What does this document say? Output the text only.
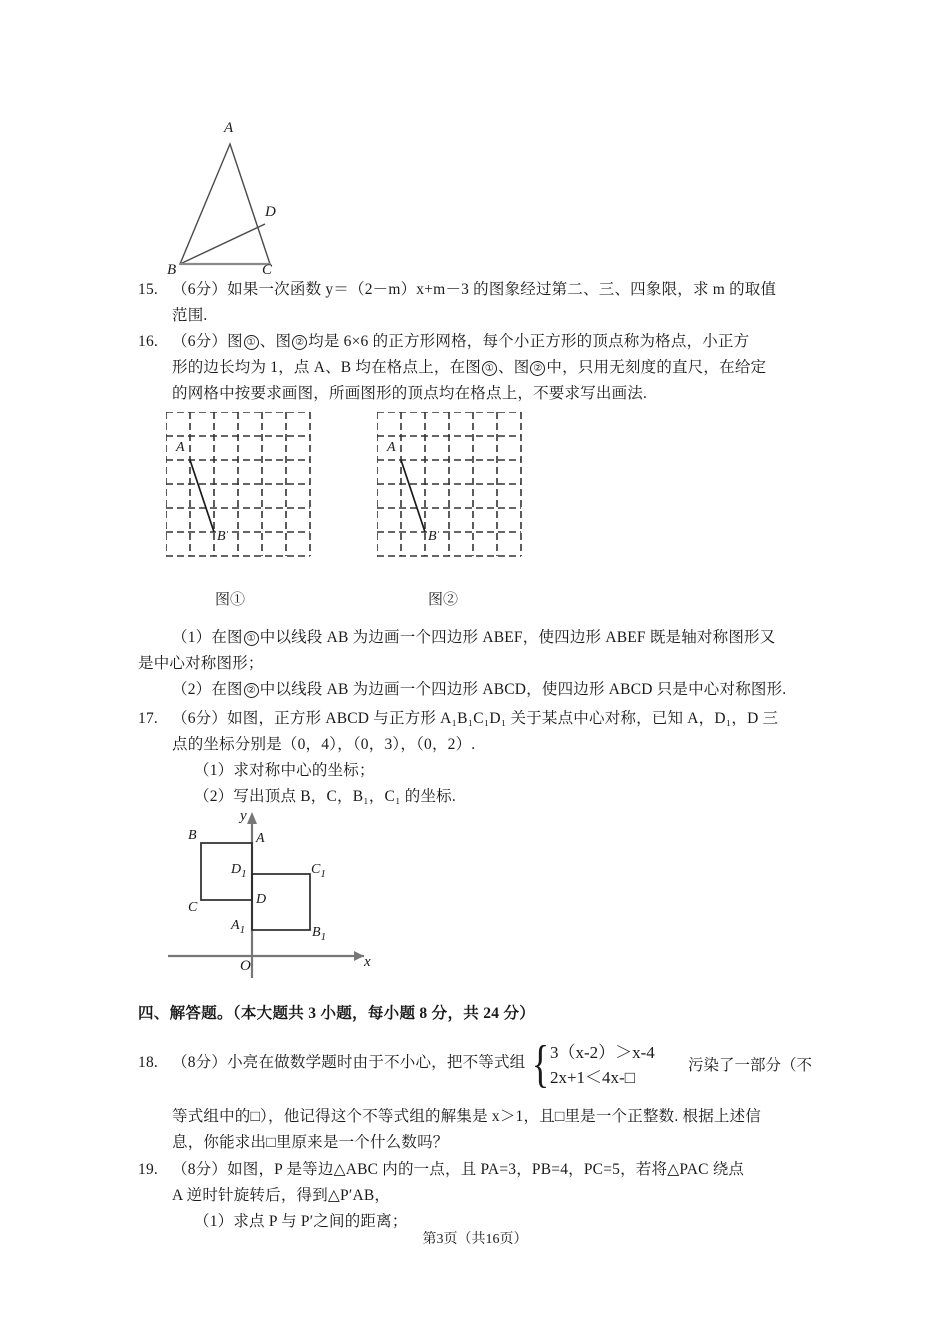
A
B	C
D
15. （6分）如果一次函数 y＝（2－m）x+m－3 的图象经过第二、三、四象限，求 m 的取值
范围.
16. （6分）图 ① 、图 ② 均是 6×6 的正方形网格，每个小正方形的顶点称为格点，小正方
形的边长均为 1，点 A、B 均在格点上，在图 ① 、图 ② 中，只用无刻度的直尺，在给定
的网格中按要求画图，所画图形的顶点均在格点上，不要求写出画法.
A
B
A
B
图①	图②
（1）在图 ① 中以线段 AB 为边画一个四边形 ABEF，使四边形 ABEF 既是轴对称图形又
是中心对称图形；
（2）在图 ② 中以线段 AB 为边画一个四边形 ABCD，使四边形 ABCD 只是中心对称图形.
17. （6分）如图，正方形 ABCD 与正方形 A₁B₁C₁D₁ 关于某点中心对称，已知 A，D₁，D 三
点的坐标分别是（0，4），（0，3），（0，2）.
（1）求对称中心的坐标；
（2）写出顶点 B，C，B₁，C₁ 的坐标.
x
y
O
B	A
C
D
$D_1$	$C_1$
$A_1$	$B_1$
四、解答题。（本大题共 3 小题，每小题 8 分，共 24 分）
18. （8分）小亮在做数学题时由于不小心，把不等式组 { 3（x-2）＞x-4
2x+1＜4x-□
污染了一部分（不
等式组中的□），他记得这个不等式组的解集是 x＞1，且□里是一个正整数. 根据上述信
息，你能求出□里原来是一个什么数吗？
19. （8分）如图，P 是等边△ABC 内的一点，且 PA=3，PB=4，PC=5，若将△PAC 绕点
A 逆时针旋转后，得到△P′AB，
（1）求点 P 与 P′之间的距离；
第3页（共16页）
